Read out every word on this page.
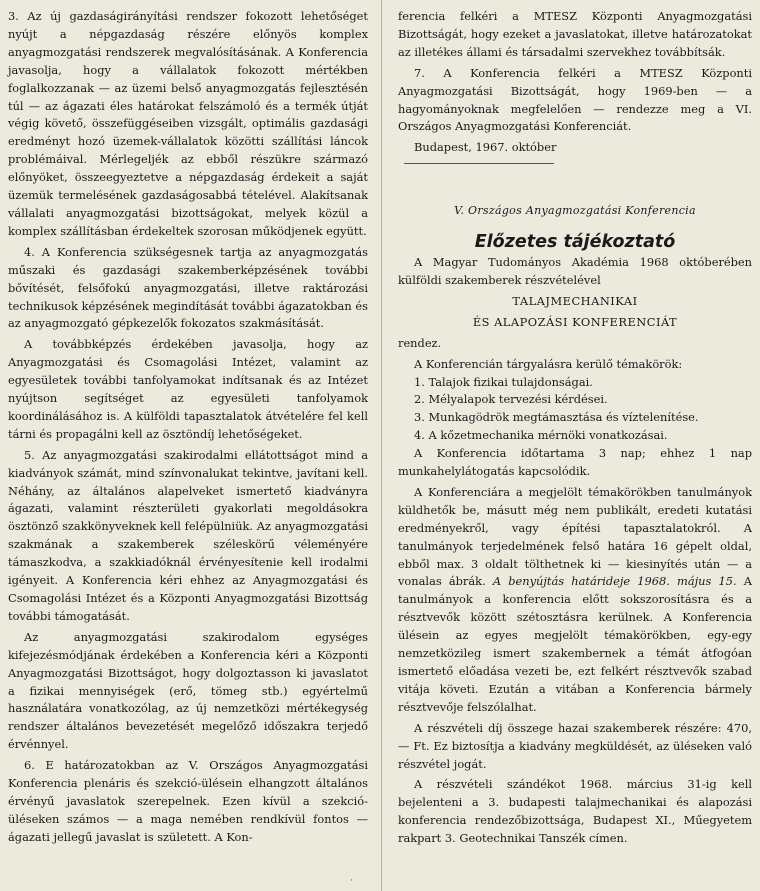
3. Az új gazdaságirányítási rendszer fokozott lehetőséget nyújt a népgazdaság részére előnyös komplex anyagmozgatási rendszerek megvalósításának. A Konferencia javasolja, hogy a vállalatok fokozott mértékben foglalkozzanak — az üzemi belső anyagmozgatás fejlesztésén túl — az ágazati éles határokat felszámoló és a termék útját végig követő, összefüggéseiben vizsgált, optimális gazdasági eredményt hozó üzemek-vállalatok közötti szállítási láncok problémáival. Mérlegeljék az ebből részükre származó előnyöket, összeegyeztetve a népgazdaság érdekeit a saját üzemük termelésének gazdaságosabbá tételével. Alakítsanak vállalati anyagmozgatási bizottságokat, melyek közül a komplex szállításban érdekeltek szorosan működjenek együtt.

4. A Konferencia szükségesnek tartja az anyagmozgatás műszaki és gazdasági szakemberképzésének további bővítését, felsőfokú anyagmozgatási, illetve raktározási technikusok képzésének megindítását további ágazatokban és az anyagmozgató gépkezelők fokozatos szakmásítását.

A továbbképzés érdekében javasolja, hogy az Anyagmozgatási és Csomagolási Intézet, valamint az egyesületek további tanfolyamokat indítsanak és az Intézet nyújtson segítséget az egyesületi tanfolyamok koordinálásához is. A külföldi tapasztalatok átvételére fel kell tárni és propagálni kell az ösztöndíj lehetőségeket.

5. Az anyagmozgatási szakirodalmi ellátottságot mind a kiadványok számát, mind színvonalukat tekintve, javítani kell. Néhány, az általános alapelveket ismertető kiadványra ágazati, valamint részterületi gyakorlati megoldásokra ösztönző szakkönyveknek kell felépülniük. Az anyagmozgatási szakmának a szakemberek széleskörű véleményére támaszkodva, a szakkiadóknál érvényesítenie kell irodalmi igényeit. A Konferencia kéri ehhez az Anyagmozgatási és Csomagolási Intézet és a Központi Anyagmozgatási Bizottság további támogatását.

Az anyagmozgatási szakirodalom egységes kifejezésmódjának érdekében a Konferencia kéri a Központi Anyagmozgatási Bizottságot, hogy dolgoztasson ki javaslatot a fizikai mennyiségek (erő, tömeg stb.) egyértelmű használatára vonatkozólag, az új nemzetközi mértékegység rendszer általános bevezetését megelőző időszakra terjedő érvénnyel.

6. E határozatokban az V. Országos Anyagmozgatási Konferencia plenáris és szekció-ülésein elhangzott általános érvényű javaslatok szerepelnek. Ezen kívül a szekció-üléseken számos — a maga nemében rendkívül fontos — ágazati jellegű javaslat is született. A Kon-

ferencia felkéri a MTESZ Központi Anyagmozgatási Bizottságát, hogy ezeket a javaslatokat, illetve határozatokat az illetékes állami és társadalmi szervekhez továbbítsák.

7. A Konferencia felkéri a MTESZ Központi Anyagmozgatási Bizottságát, hogy 1969-ben — a hagyományoknak megfelelően — rendezze meg a VI. Országos Anyagmozgatási Konferenciát.

Budapest, 1967. október

V. Országos Anyagmozgatási Konferencia
Előzetes tájékoztató

A Magyar Tudományos Akadémia 1968 októberében külföldi szakemberek részvételével

TALAJMECHANIKAI

ÉS ALAPOZÁSI KONFERENCIÁT

rendez.

A Konferencián tárgyalásra kerülő témakörök:

1. Talajok fizikai tulajdonságai.
2. Mélyalapok tervezési kérdései.
3. Munkagödrök megtámasztása és víztelenítése.
4. A kőzetmechanika mérnöki vonatkozásai.

A Konferencia időtartama 3 nap; ehhez 1 nap munkahelylátogatás kapcsolódik.

A Konferenciára a megjelölt témakörökben tanulmányok küldhetők be, másutt még nem publikált, eredeti kutatási eredményekről, vagy építési tapasztalatokról. A tanulmányok terjedelmének felső határa 16 gépelt oldal, ebből max. 3 oldalt tölthetnek ki — kiesinyítés után — a vonalas ábrák. A benyújtás határideje 1968. május 15. A tanulmányok a konferencia előtt sokszorosításra és a résztvevők között szétosztásra kerülnek. A Konferencia ülésein az egyes megjelölt témakörökben, egy-egy nemzetközileg ismert szakembernek a témát átfogóan ismertető előadása vezeti be, ezt felkért résztvevők szabad vitája követi. Ezután a vitában a Konferencia bármely résztvevője felszólalhat.

A részvételi díj összege hazai szakemberek részére: 470,— Ft. Ez biztosítja a kiadvány megküldését, az üléseken való részvétel jogát.

A részvételi szándékot 1968. március 31-ig kell bejelenteni a 3. budapesti talajmechanikai és alapozási konferencia rendezőbizottsága, Budapest XI., Műegyetem rakpart 3. Geotechnikai Tanszék címen.

·
